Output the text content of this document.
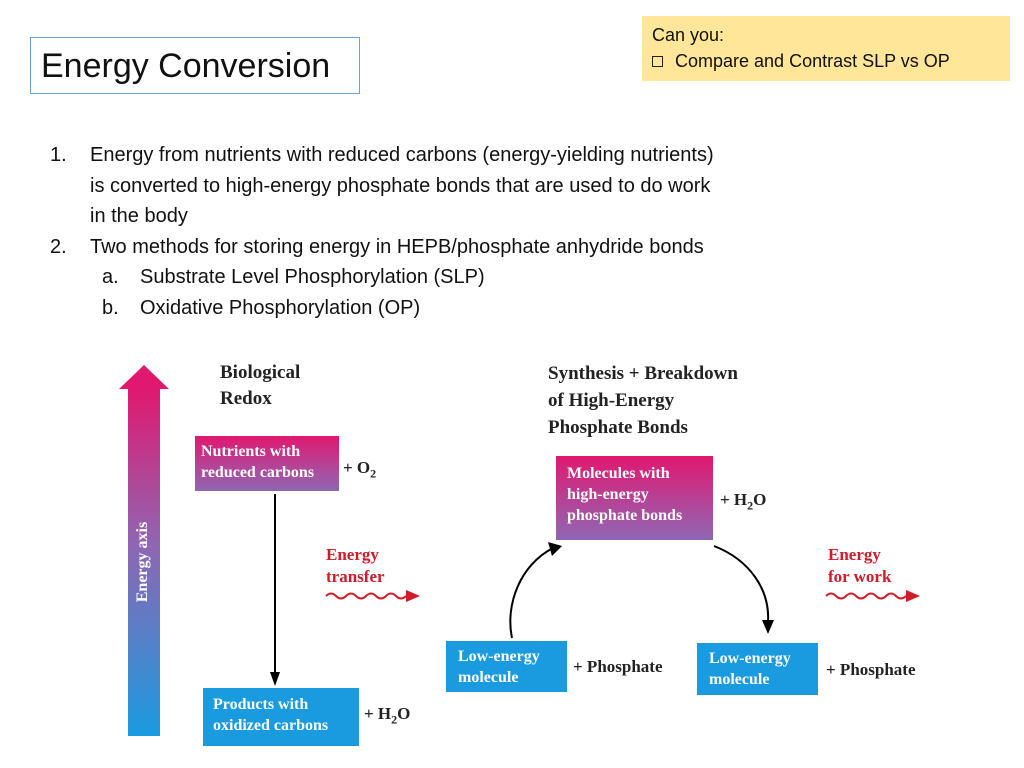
Energy Conversion
Can you:
Compare and Contrast SLP vs OP
1. Energy from nutrients with reduced carbons (energy-yielding nutrients)
is converted to high-energy phosphate bonds that are used to do work
in the body
2. Two methods for storing energy in HEPB/phosphate anhydride bonds
a. Substrate Level Phosphorylation (SLP)
b. Oxidative Phosphorylation (OP)
Energy axis
Biological
Redox
Synthesis + Breakdown
of High-Energy
Phosphate Bonds
Nutrients with
reduced carbons	+ $O_2$
Products with
oxidized carbons
+ $H_2O$
Energy
transfer
Molecules with
high-energy
phosphate bonds
+ $H_2O$
Low-energy
molecule
+ Phosphate	Low-energy
molecule
+ Phosphate
Energy
for work
